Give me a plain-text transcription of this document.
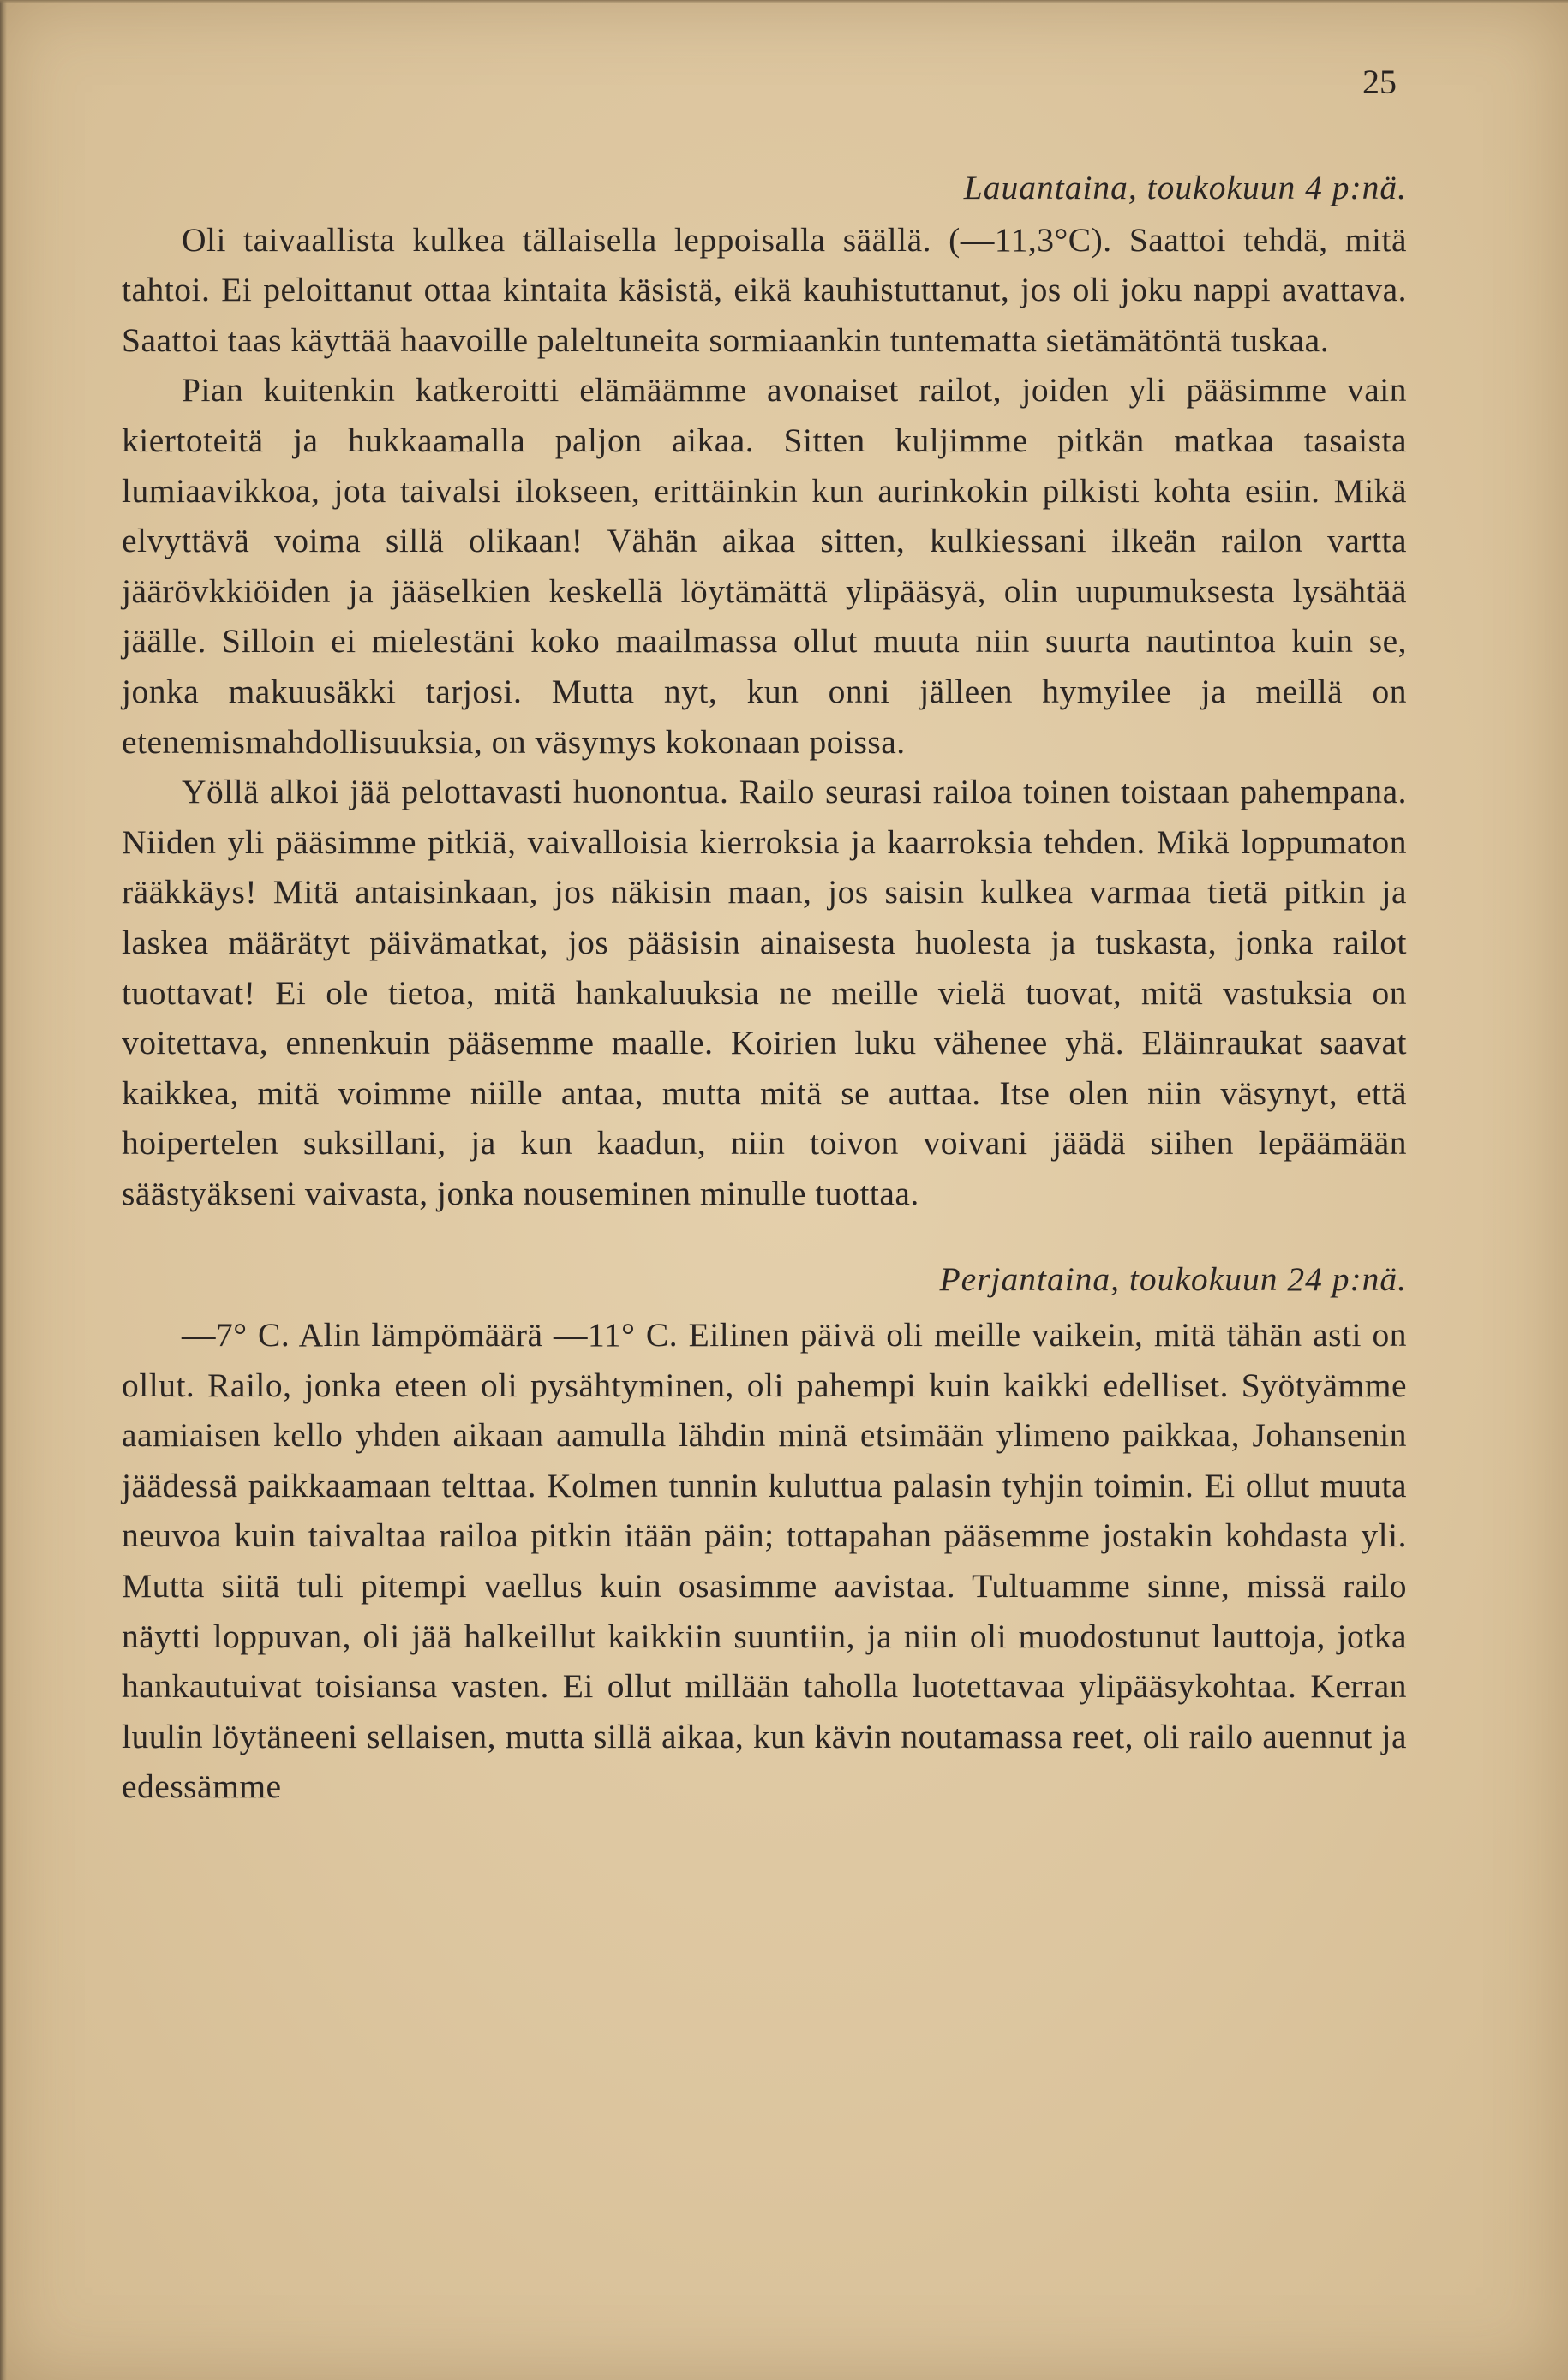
25
Lauantaina, toukokuun 4 p:nä.

Oli taivaallista kulkea tällaisella leppoisalla säällä. (—11,3°C). Saattoi tehdä, mitä tahtoi. Ei peloittanut ottaa kintaita käsistä, eikä kauhistuttanut, jos oli joku nappi avattava. Saattoi taas käyttää haavoille paleltuneita sormiaankin tuntematta sietämätöntä tuskaa.

Pian kuitenkin katkeroitti elämäämme avonaiset railot, joiden yli pääsimme vain kiertoteitä ja hukkaamalla paljon aikaa. Sitten kuljimme pitkän matkaa tasaista lumiaavikkoa, jota taivalsi ilokseen, erittäinkin kun aurinkokin pilkisti kohta esiin. Mikä elvyttävä voima sillä olikaan! Vähän aikaa sitten, kulkiessani ilkeän railon vartta jäärövkkiöiden ja jääselkien keskellä löytämättä ylipääsyä, olin uupumuksesta lysähtää jäälle. Silloin ei mielestäni koko maailmassa ollut muuta niin suurta nautintoa kuin se, jonka makuusäkki tarjosi. Mutta nyt, kun onni jälleen hymyilee ja meillä on etenemismahdollisuuksia, on väsymys kokonaan poissa.

Yöllä alkoi jää pelottavasti huonontua. Railo seurasi railoa toinen toistaan pahempana. Niiden yli pääsimme pitkiä, vaivalloisia kierroksia ja kaarroksia tehden. Mikä loppumaton rääkkäys! Mitä antaisinkaan, jos näkisin maan, jos saisin kulkea varmaa tietä pitkin ja laskea määrätyt päivämatkat, jos pääsisin ainaisesta huolesta ja tuskasta, jonka railot tuottavat! Ei ole tietoa, mitä hankaluuksia ne meille vielä tuovat, mitä vastuksia on voitettava, ennenkuin pääsemme maalle. Koirien luku vähenee yhä. Eläinraukat saavat kaikkea, mitä voimme niille antaa, mutta mitä se auttaa. Itse olen niin väsynyt, että hoipertelen suksillani, ja kun kaadun, niin toivon voivani jäädä siihen lepäämään säästyäkseni vaivasta, jonka nouseminen minulle tuottaa.

Perjantaina, toukokuun 24 p:nä.

—7° C. Alin lämpömäärä —11° C. Eilinen päivä oli meille vaikein, mitä tähän asti on ollut. Railo, jonka eteen oli pysähtyminen, oli pahempi kuin kaikki edelliset. Syötyämme aamiaisen kello yhden aikaan aamulla lähdin minä etsimään ylimeno paikkaa, Johansenin jäädessä paikkaamaan telttaa. Kolmen tunnin kuluttua palasin tyhjin toimin. Ei ollut muuta neuvoa kuin taivaltaa railoa pitkin itään päin; tottapahan pääsemme jostakin kohdasta yli. Mutta siitä tuli pitempi vaellus kuin osasimme aavistaa. Tultuamme sinne, missä railo näytti loppuvan, oli jää halkeillut kaikkiin suuntiin, ja niin oli muodostunut lauttoja, jotka hankautuivat toisiansa vasten. Ei ollut millään taholla luotettavaa ylipääsykohtaa. Kerran luulin löytäneeni sellaisen, mutta sillä aikaa, kun kävin noutamassa reet, oli railo auennut ja edessämme
